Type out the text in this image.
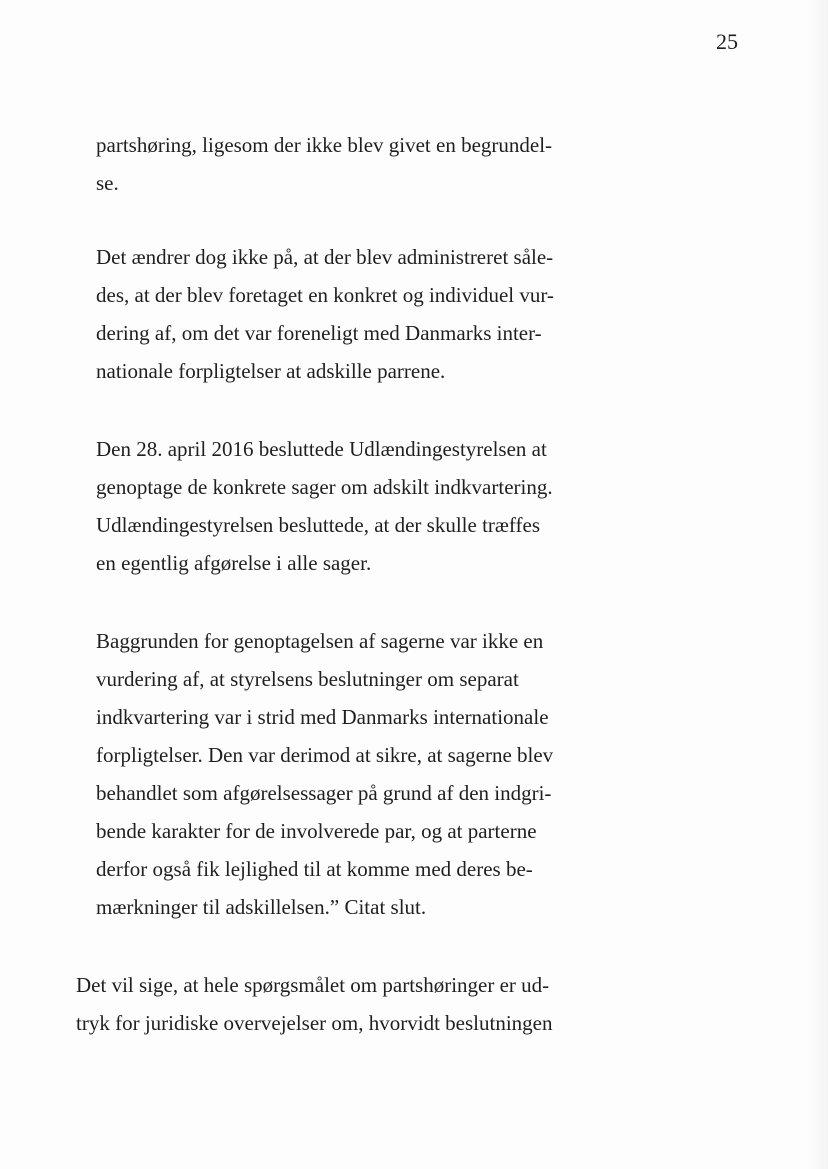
25

partshøring, ligesom der ikke blev givet en begrundel-
se.

Det ændrer dog ikke på, at der blev administreret såle-
des, at der blev foretaget en konkret og individuel vur-
dering af, om det var foreneligt med Danmarks inter-
nationale forpligtelser at adskille parrene.

Den 28. april 2016 besluttede Udlændingestyrelsen at
genoptage de konkrete sager om adskilt indkvartering.
Udlændingestyrelsen besluttede, at der skulle træffes
en egentlig afgørelse i alle sager.

Baggrunden for genoptagelsen af sagerne var ikke en
vurdering af, at styrelsens beslutninger om separat
indkvartering var i strid med Danmarks internationale
forpligtelser. Den var derimod at sikre, at sagerne blev
behandlet som afgørelsessager på grund af den indgri-
bende karakter for de involverede par, og at parterne
derfor også fik lejlighed til at komme med deres be-
mærkninger til adskillelsen.” Citat slut.

Det vil sige, at hele spørgsmålet om partshøringer er ud-
tryk for juridiske overvejelser om, hvorvidt beslutningen
